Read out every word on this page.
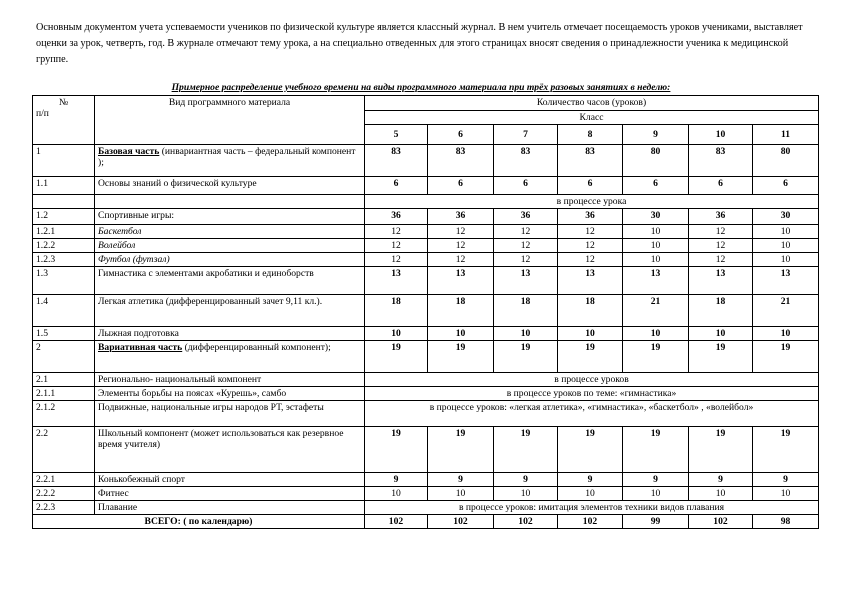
Основным документом учета успеваемости учеников по физической культуре является классный журнал. В нем учитель отмечает посещаемость уроков учениками, выставляет оценки за урок, четверть, год. В журнале отмечают тему урока, а на специально отведенных для этого страницах вносят сведения о принадлежности ученика к медицинской группе.
Примерное распределение учебного времени на виды программного материала при трёх разовых занятиях в неделю:
№
п/п	Вид программного материала	Количество часов (уроков)						
		Класс						
		5	6	7	8	9	10	11
1	Базовая часть (инвариантная часть – федеральный компонент );	83	83	83	83	80	83	80
1.1	Основы знаний о физической культуре	6	6	6	6	6	6	6
		в процессе урока						
1.2	Спортивные игры:	36	36	36	36	30	36	30
1.2.1	Баскетбол	12	12	12	12	10	12	10
1.2.2	Волейбол	12	12	12	12	10	12	10
1.2.3	Футбол (футзал)	12	12	12	12	10	12	10
1.3	Гимнастика с элементами акробатики и единоборств	13	13	13	13	13	13	13
1.4	Легкая атлетика (дифференцированный зачет 9,11 кл.).	18	18	18	18	21	18	21
1.5	Лыжная подготовка	10	10	10	10	10	10	10
2	Вариативная часть (дифференцированный компонент);	19	19	19	19	19	19	19
2.1	Регионально- национальный компонент	в процессе уроков						
2.1.1	Элементы борьбы на поясах «Курешь», самбо	в процессе уроков по теме: «гимнастика»						
2.1.2	Подвижные, национальные игры народов РТ, эстафеты	в процессе уроков: «легкая атлетика», «гимнастика», «баскетбол» , «волейбол»						
2.2	Школьный компонент (может использоваться как резервное время учителя)	19	19	19	19	19	19	19
2.2.1	Конькобежный спорт	9	9	9	9	9	9	9
2.2.2	Фитнес	10	10	10	10	10	10	10
2.2.3	Плавание	в процессе уроков: имитация элементов техники видов плавания						
ВСЕГО: ( по календарю)		102	102	102	102	99	102	98
